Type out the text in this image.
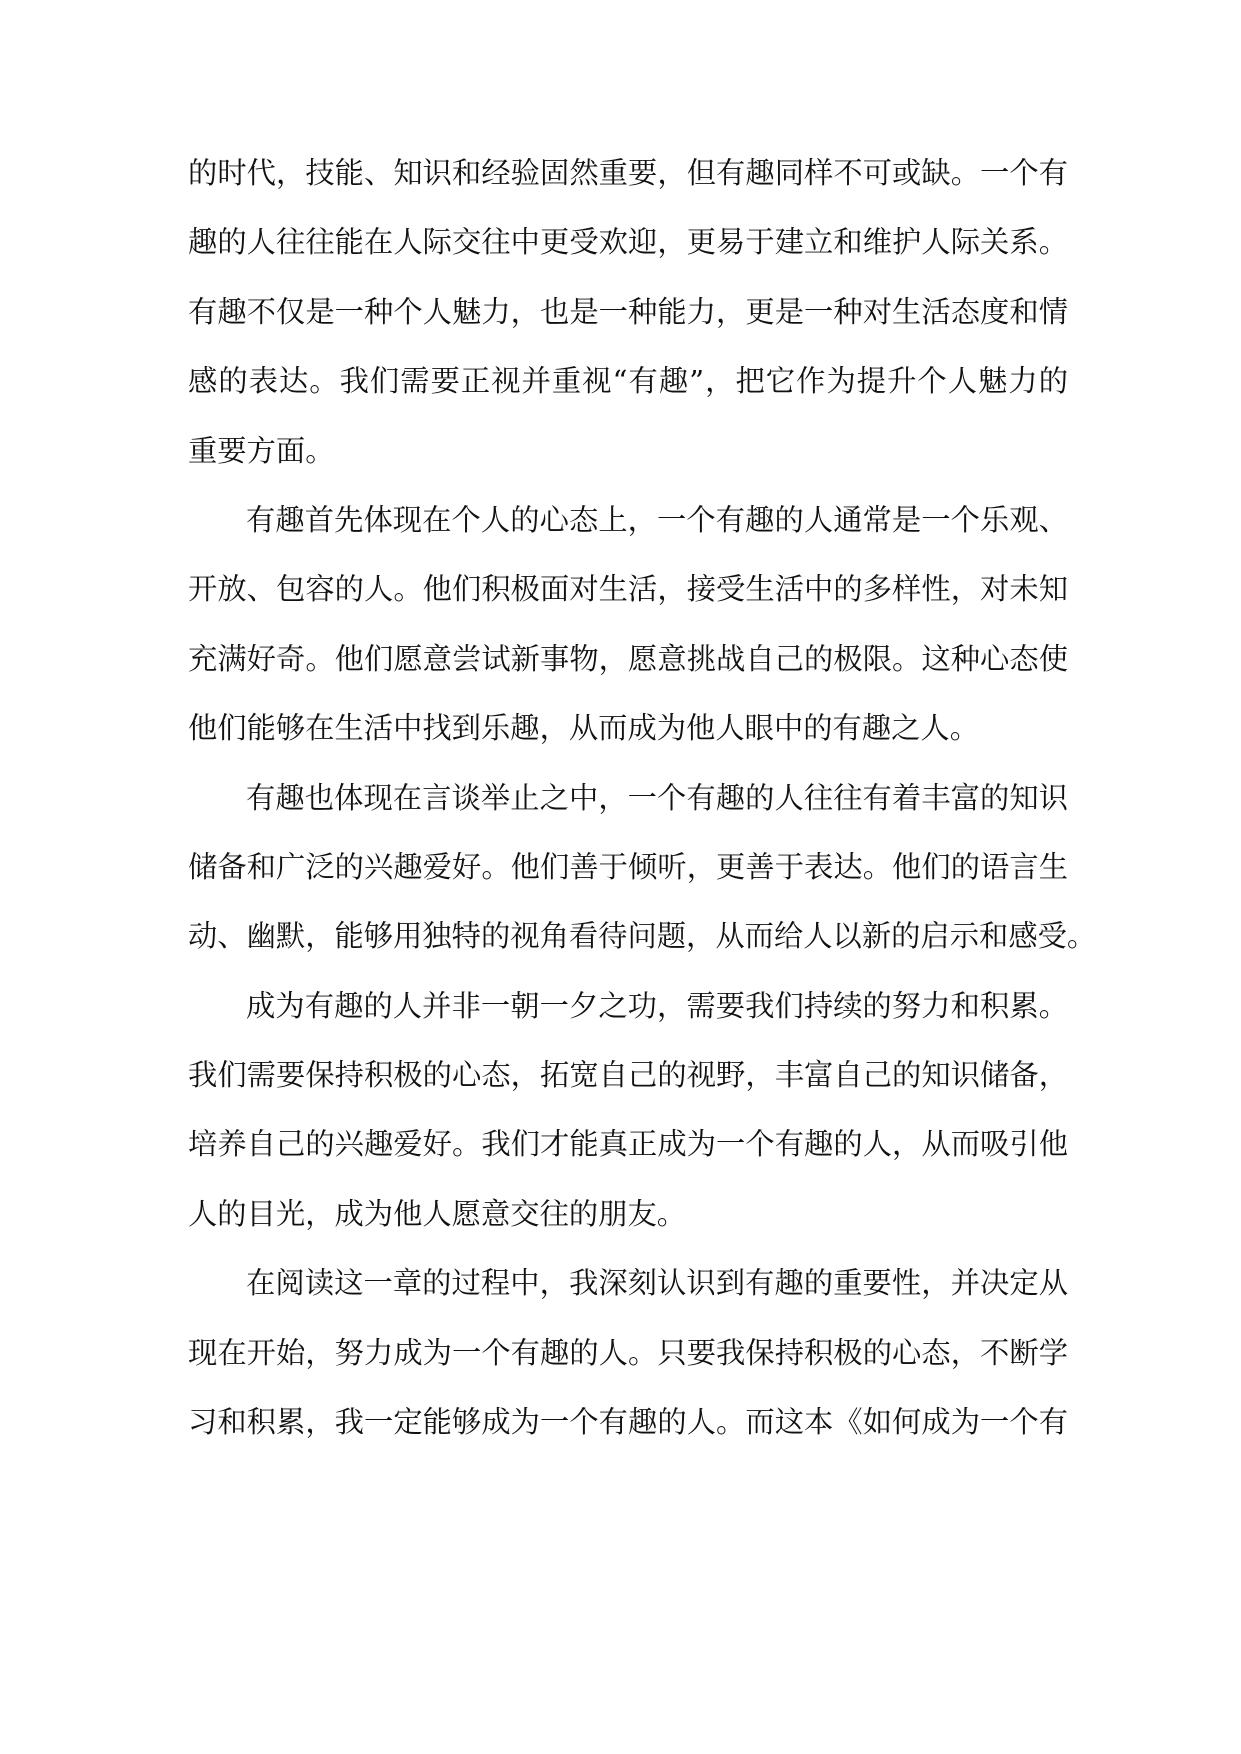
的时代，技能、知识和经验固然重要，但有趣同样不可或缺。一个有
趣的人往往能在人际交往中更受欢迎，更易于建立和维护人际关系。
有趣不仅是一种个人魅力，也是一种能力，更是一种对生活态度和情
感的表达。我们需要正视并重视“有趣”，把它作为提升个人魅力的
重要方面。
有趣首先体现在个人的心态上，一个有趣的人通常是一个乐观、
开放、包容的人。他们积极面对生活，接受生活中的多样性，对未知
充满好奇。他们愿意尝试新事物，愿意挑战自己的极限。这种心态使
他们能够在生活中找到乐趣，从而成为他人眼中的有趣之人。
有趣也体现在言谈举止之中，一个有趣的人往往有着丰富的知识
储备和广泛的兴趣爱好。他们善于倾听，更善于表达。他们的语言生
动、幽默，能够用独特的视角看待问题，从而给人以新的启示和感受。
成为有趣的人并非一朝一夕之功，需要我们持续的努力和积累。
我们需要保持积极的心态，拓宽自己的视野，丰富自己的知识储备，
培养自己的兴趣爱好。我们才能真正成为一个有趣的人，从而吸引他
人的目光，成为他人愿意交往的朋友。
在阅读这一章的过程中，我深刻认识到有趣的重要性，并决定从
现在开始，努力成为一个有趣的人。只要我保持积极的心态，不断学
习和积累，我一定能够成为一个有趣的人。而这本《如何成为一个有
